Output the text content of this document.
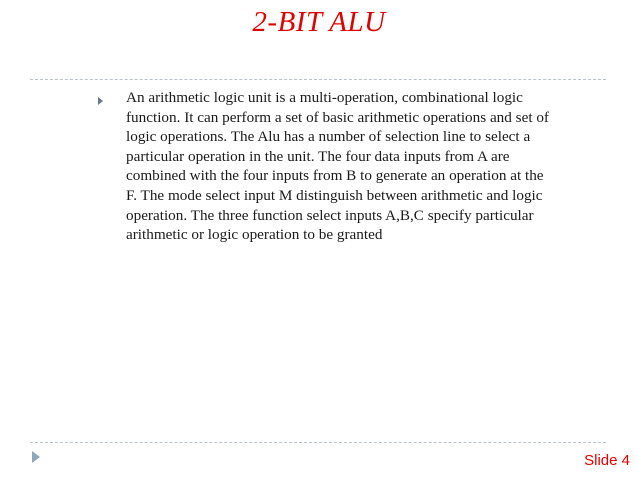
2-BIT ALU
An arithmetic logic unit is a multi-operation, combinational logic function. It can perform a set of basic arithmetic operations and set of logic operations. The Alu has a number of selection line to select a particular operation in the unit. The four data inputs from A are combined with the four inputs from B to generate an operation at the F. The mode select input M distinguish between arithmetic and logic operation. The three function select inputs A,B,C specify particular arithmetic or logic operation to be granted
Slide 4
